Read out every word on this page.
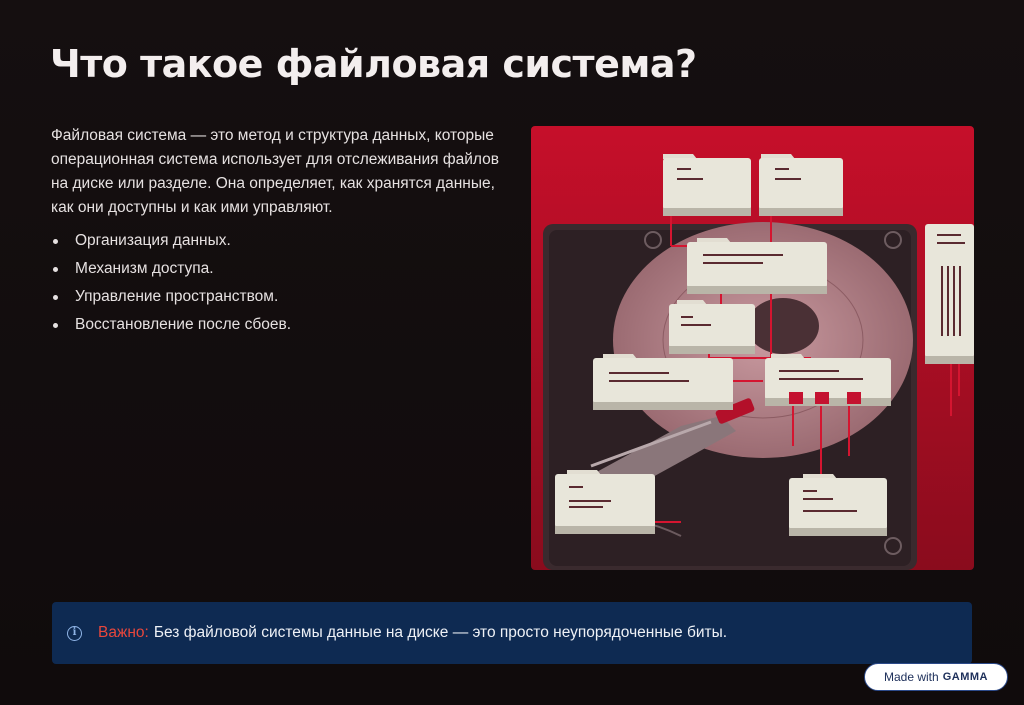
Что такое файловая система?

Файловая система — это метод и структура данных, которые операционная система использует для отслеживания файлов на диске или разделе. Она определяет, как хранятся данные, как они доступны и как ими управляют.

Организация данных.
Механизм доступа.
Управление пространством.
Восстановление после сбоев.
i	Важно: Без файловой системы данные на диске — это просто неупорядоченные биты.
Made with GAMMA
